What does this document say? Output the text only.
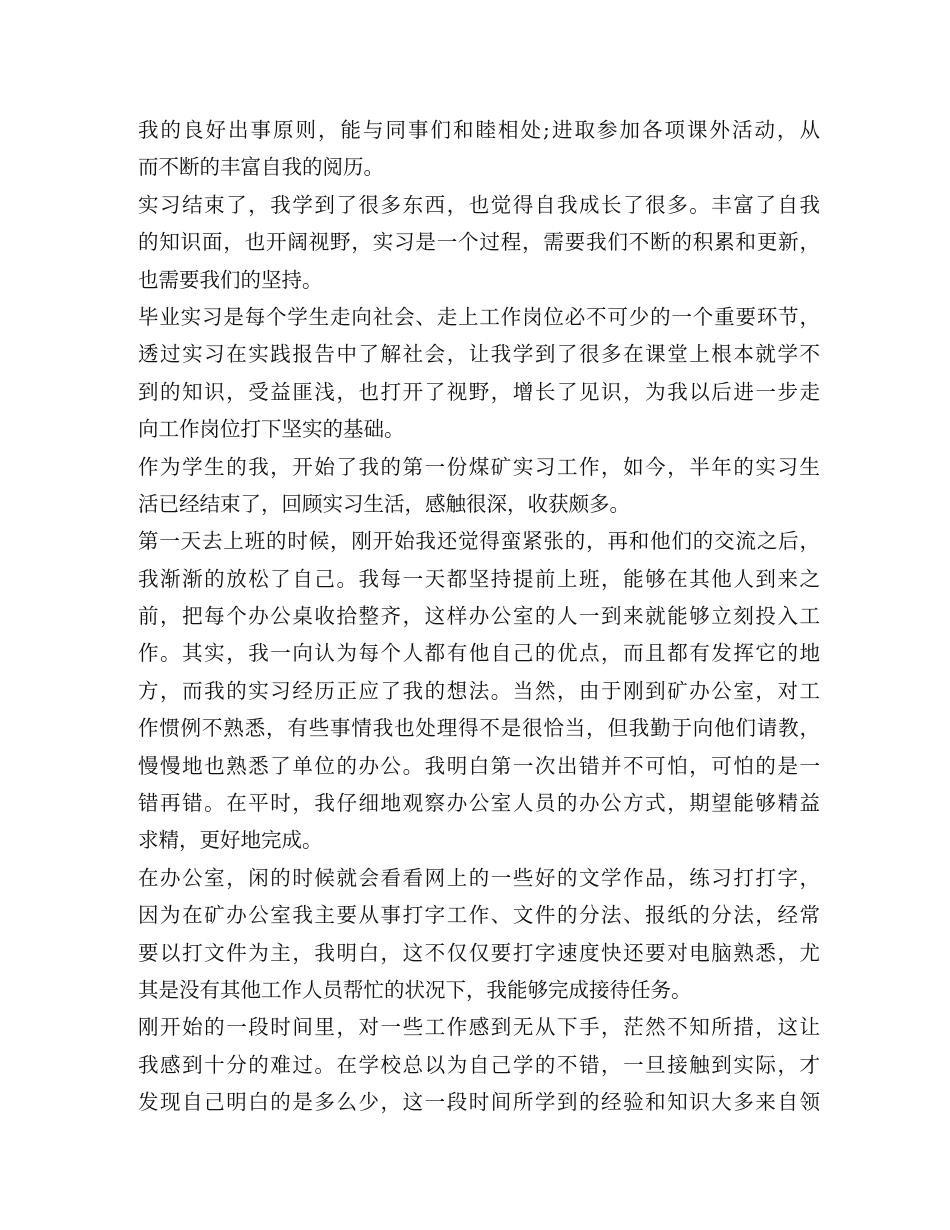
我的良好出事原则，能与同事们和睦相处;进取参加各项课外活动，从
而不断的丰富自我的阅历。
实习结束了，我学到了很多东西，也觉得自我成长了很多。丰富了自我
的知识面，也开阔视野，实习是一个过程，需要我们不断的积累和更新，
也需要我们的坚持。
毕业实习是每个学生走向社会、走上工作岗位必不可少的一个重要环节，
透过实习在实践报告中了解社会，让我学到了很多在课堂上根本就学不
到的知识，受益匪浅，也打开了视野，增长了见识，为我以后进一步走
向工作岗位打下坚实的基础。
作为学生的我，开始了我的第一份煤矿实习工作，如今，半年的实习生
活已经结束了，回顾实习生活，感触很深，收获颇多。
第一天去上班的时候，刚开始我还觉得蛮紧张的，再和他们的交流之后，
我渐渐的放松了自己。我每一天都坚持提前上班，能够在其他人到来之
前，把每个办公桌收拾整齐，这样办公室的人一到来就能够立刻投入工
作。其实，我一向认为每个人都有他自己的优点，而且都有发挥它的地
方，而我的实习经历正应了我的想法。当然，由于刚到矿办公室，对工
作惯例不熟悉，有些事情我也处理得不是很恰当，但我勤于向他们请教，
慢慢地也熟悉了单位的办公。我明白第一次出错并不可怕，可怕的是一
错再错。在平时，我仔细地观察办公室人员的办公方式，期望能够精益
求精，更好地完成。
在办公室，闲的时候就会看看网上的一些好的文学作品，练习打打字，
因为在矿办公室我主要从事打字工作、文件的分法、报纸的分法，经常
要以打文件为主，我明白，这不仅仅要打字速度快还要对电脑熟悉，尤
其是没有其他工作人员帮忙的状况下，我能够完成接待任务。
刚开始的一段时间里，对一些工作感到无从下手，茫然不知所措，这让
我感到十分的难过。在学校总以为自己学的不错，一旦接触到实际，才
发现自己明白的是多么少，这一段时间所学到的经验和知识大多来自领
